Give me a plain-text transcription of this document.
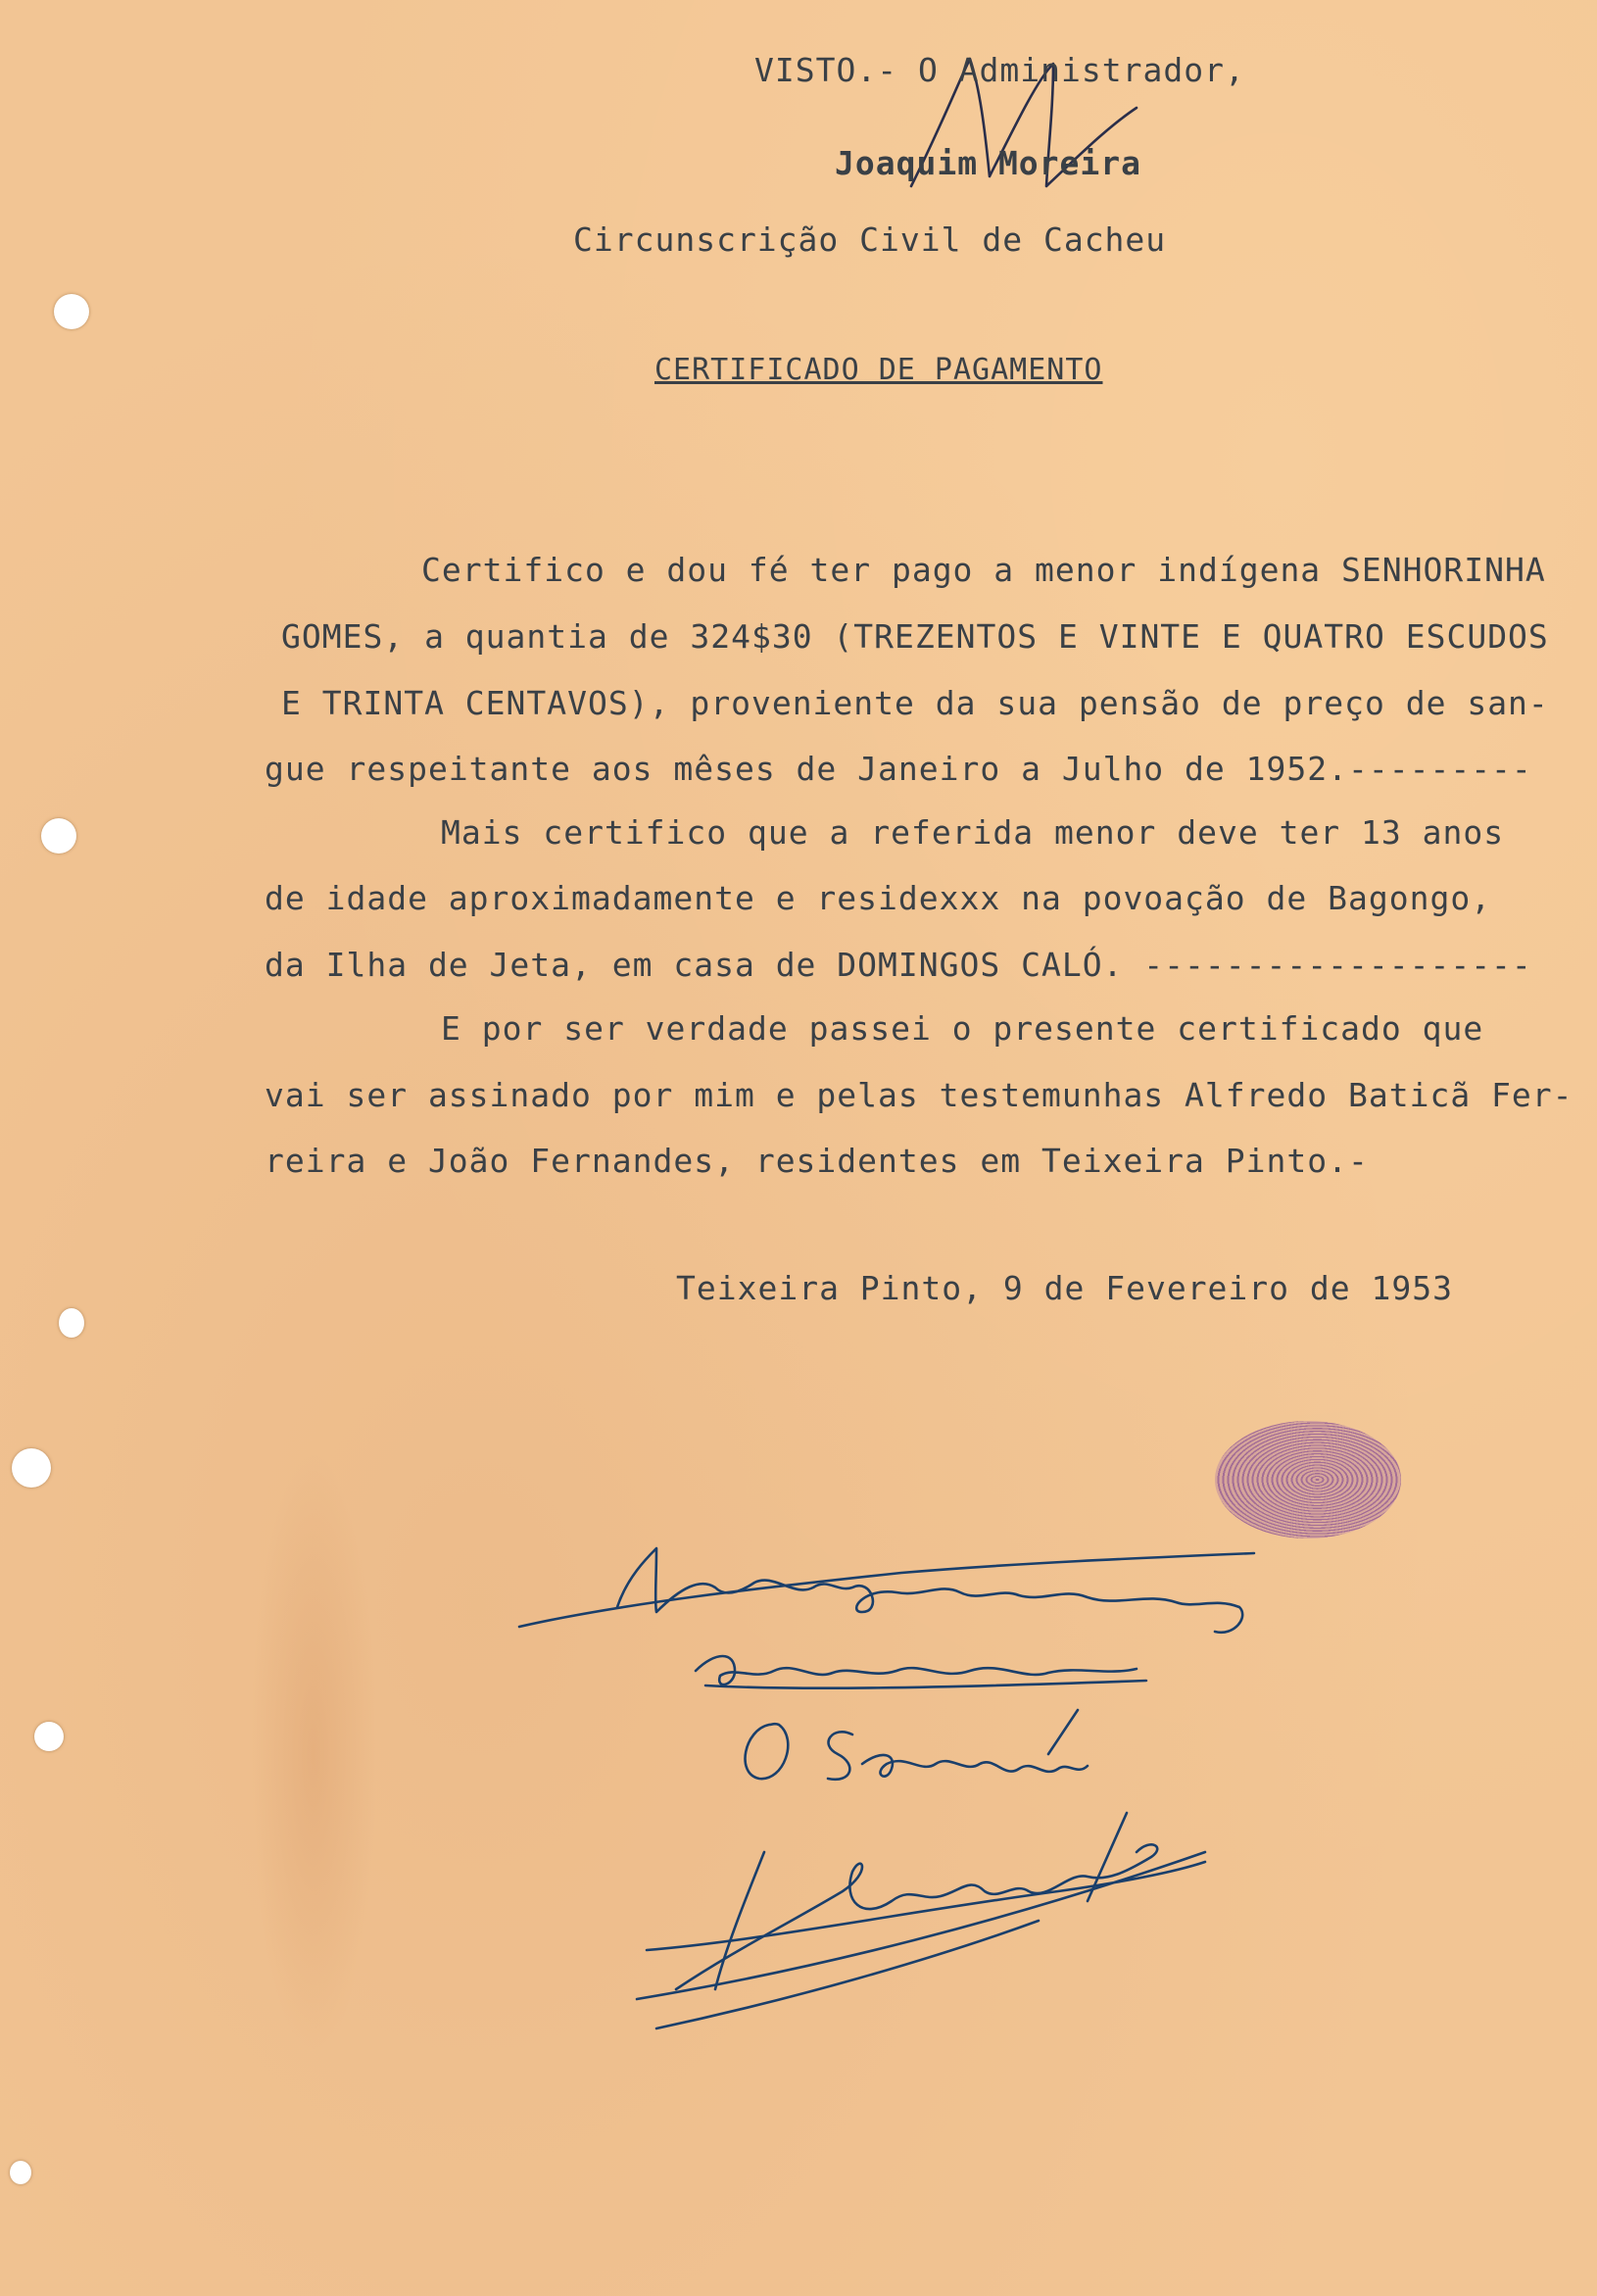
VISTO.- O Administrador,
Joaquim Moreira
Circunscrição Civil de Cacheu
CERTIFICADO DE PAGAMENTO
Certifico e dou fé ter pago a menor indígena SENHORINHA
GOMES, a quantia de 324$30 (TREZENTOS E VINTE E QUATRO ESCUDOS
E TRINTA CENTAVOS), proveniente da sua pensão de preço de san-
gue respeitante aos mêses de Janeiro a Julho de 1952.---------
Mais certifico que a referida menor deve ter 13 anos
de idade aproximadamente e residexxx na povoação de Bagongo,
da Ilha de Jeta, em casa de DOMINGOS CALÓ. -------------------
E por ser verdade passei o presente certificado que
vai ser assinado por mim e pelas testemunhas Alfredo Baticã Fer-
reira e João Fernandes, residentes em Teixeira Pinto.-
Teixeira Pinto, 9 de Fevereiro de 1953
